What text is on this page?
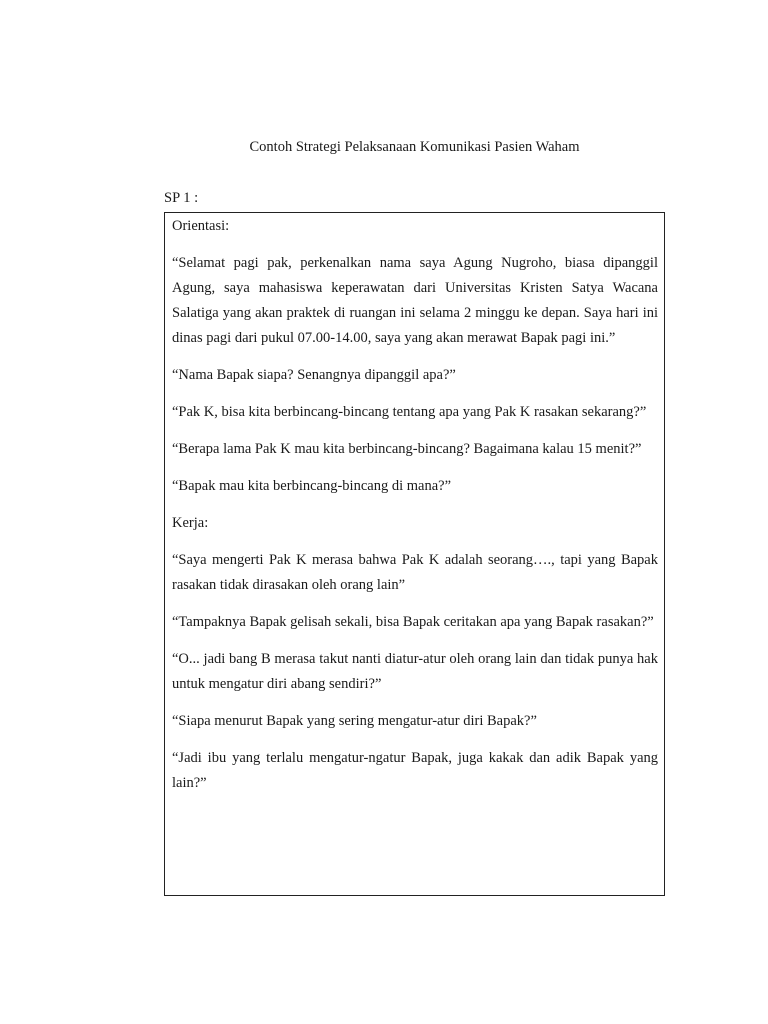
Contoh Strategi Pelaksanaan Komunikasi Pasien Waham
SP 1 :

Orientasi:

“Selamat pagi pak, perkenalkan nama saya Agung Nugroho, biasa dipanggil Agung, saya mahasiswa keperawatan dari Universitas Kristen Satya Wacana Salatiga yang akan praktek di ruangan ini selama 2 minggu ke depan. Saya hari ini dinas pagi dari pukul 07.00-14.00, saya yang akan merawat Bapak pagi ini.”

“Nama Bapak siapa? Senangnya dipanggil apa?”

“Pak K, bisa kita berbincang-bincang tentang apa yang Pak K rasakan sekarang?”

“Berapa lama Pak K mau kita berbincang-bincang? Bagaimana kalau 15 menit?”

“Bapak mau kita berbincang-bincang di mana?”

Kerja:

“Saya mengerti Pak K merasa bahwa Pak K adalah seorang…., tapi yang Bapak rasakan tidak dirasakan oleh orang lain”

“Tampaknya Bapak gelisah sekali, bisa Bapak ceritakan apa yang Bapak rasakan?”

“O... jadi bang B merasa takut nanti diatur-atur oleh orang lain dan tidak punya hak untuk mengatur diri abang sendiri?”

“Siapa menurut Bapak yang sering mengatur-atur diri Bapak?”

“Jadi ibu yang terlalu mengatur-ngatur Bapak, juga kakak dan adik Bapak yang lain?”
